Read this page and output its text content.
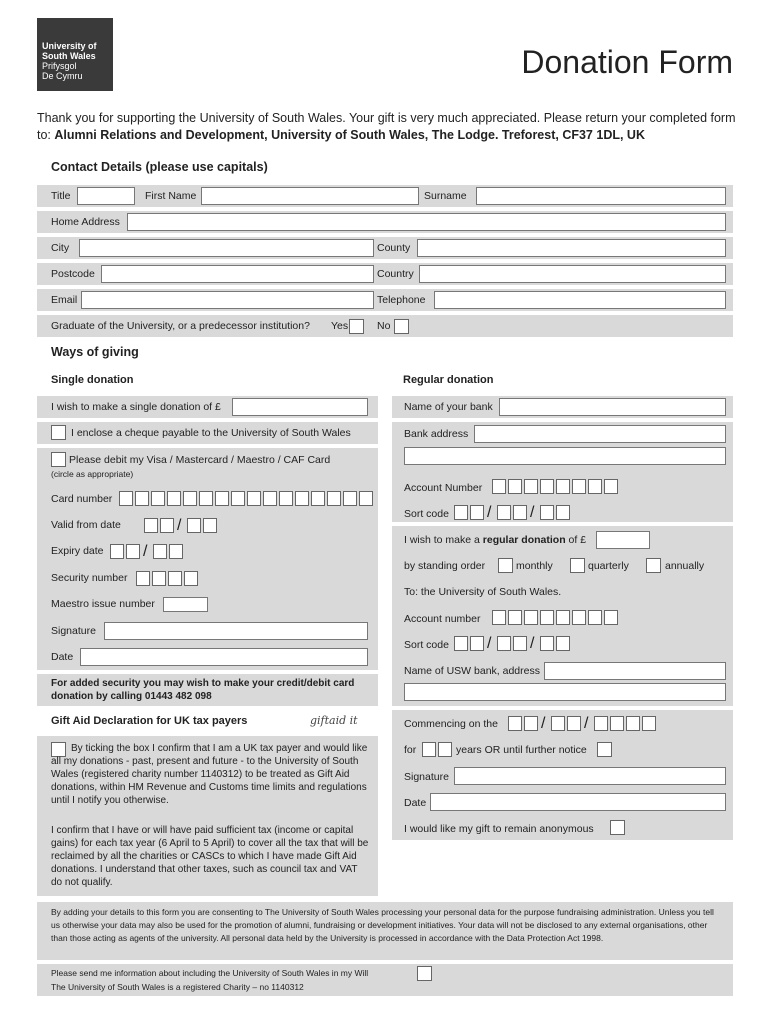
University of
South Wales
Prifysgol
De Cymru	Donation Form
Thank you for supporting the University of South Wales. Your gift is very much appreciated. Please return your completed form to: Alumni Relations and Development, University of South Wales, The Lodge. Treforest, CF37 1DL, UK
Contact Details (please use capitals)
Title	First Name	Surname
Home Address
City	County
Postcode	Country
Email	Telephone
Graduate of the University, or a predecessor institution? Yes	No
Ways of giving
Single donation	Regular donation
I wish to make a single donation of £
I enclose a cheque payable to the University of South Wales
Please debit my Visa / Mastercard / Maestro / CAF Card
(circle as appropriate)
Card number
Valid from date	/
Expiry date /
Security number
Maestro issue number
Signature
Date
For added security you may wish to make your credit/debit card donation by calling 01443 482 098
Gift Aid Declaration for UK tax payers	giftaid it
By ticking the box I confirm that I am a UK tax payer and would like all my donations - past, present and future - to the University of South Wales (registered charity number 1140312) to be treated as Gift Aid donations, within HM Revenue and Customs time limits and regulations until I notify you otherwise.
I confirm that I have or will have paid sufficient tax (income or capital gains) for each tax year (6 April to 5 April) to cover all the tax that will be reclaimed by all the charities or CASCs to which I have made Gift Aid donations. I understand that other taxes, such as council tax and VAT do not qualify.
Name of your bank
Bank address
Account Number
Sort code / /
I wish to make a regular donation of £
by standing order	monthly	quarterly	annually
To: the University of South Wales.
Account number
Sort code / /
Name of USW bank, address
Commencing on the	/ /
for	years OR until further notice
Signature
Date
I would like my gift to remain anonymous
By adding your details to this form you are consenting to The University of South Wales processing your personal data for the purpose fundraising administration. Unless you tell us otherwise your data may also be used for the promotion of alumni, fundraising or development initiatives. Your data will not be disclosed to any external organisations, other than those acting as agents of the university. All personal data held by the University is processed in accordance with the Data Protection Act 1998.
Please send me information about including the University of South Wales in my Will
The University of South Wales is a registered Charity – no 1140312
